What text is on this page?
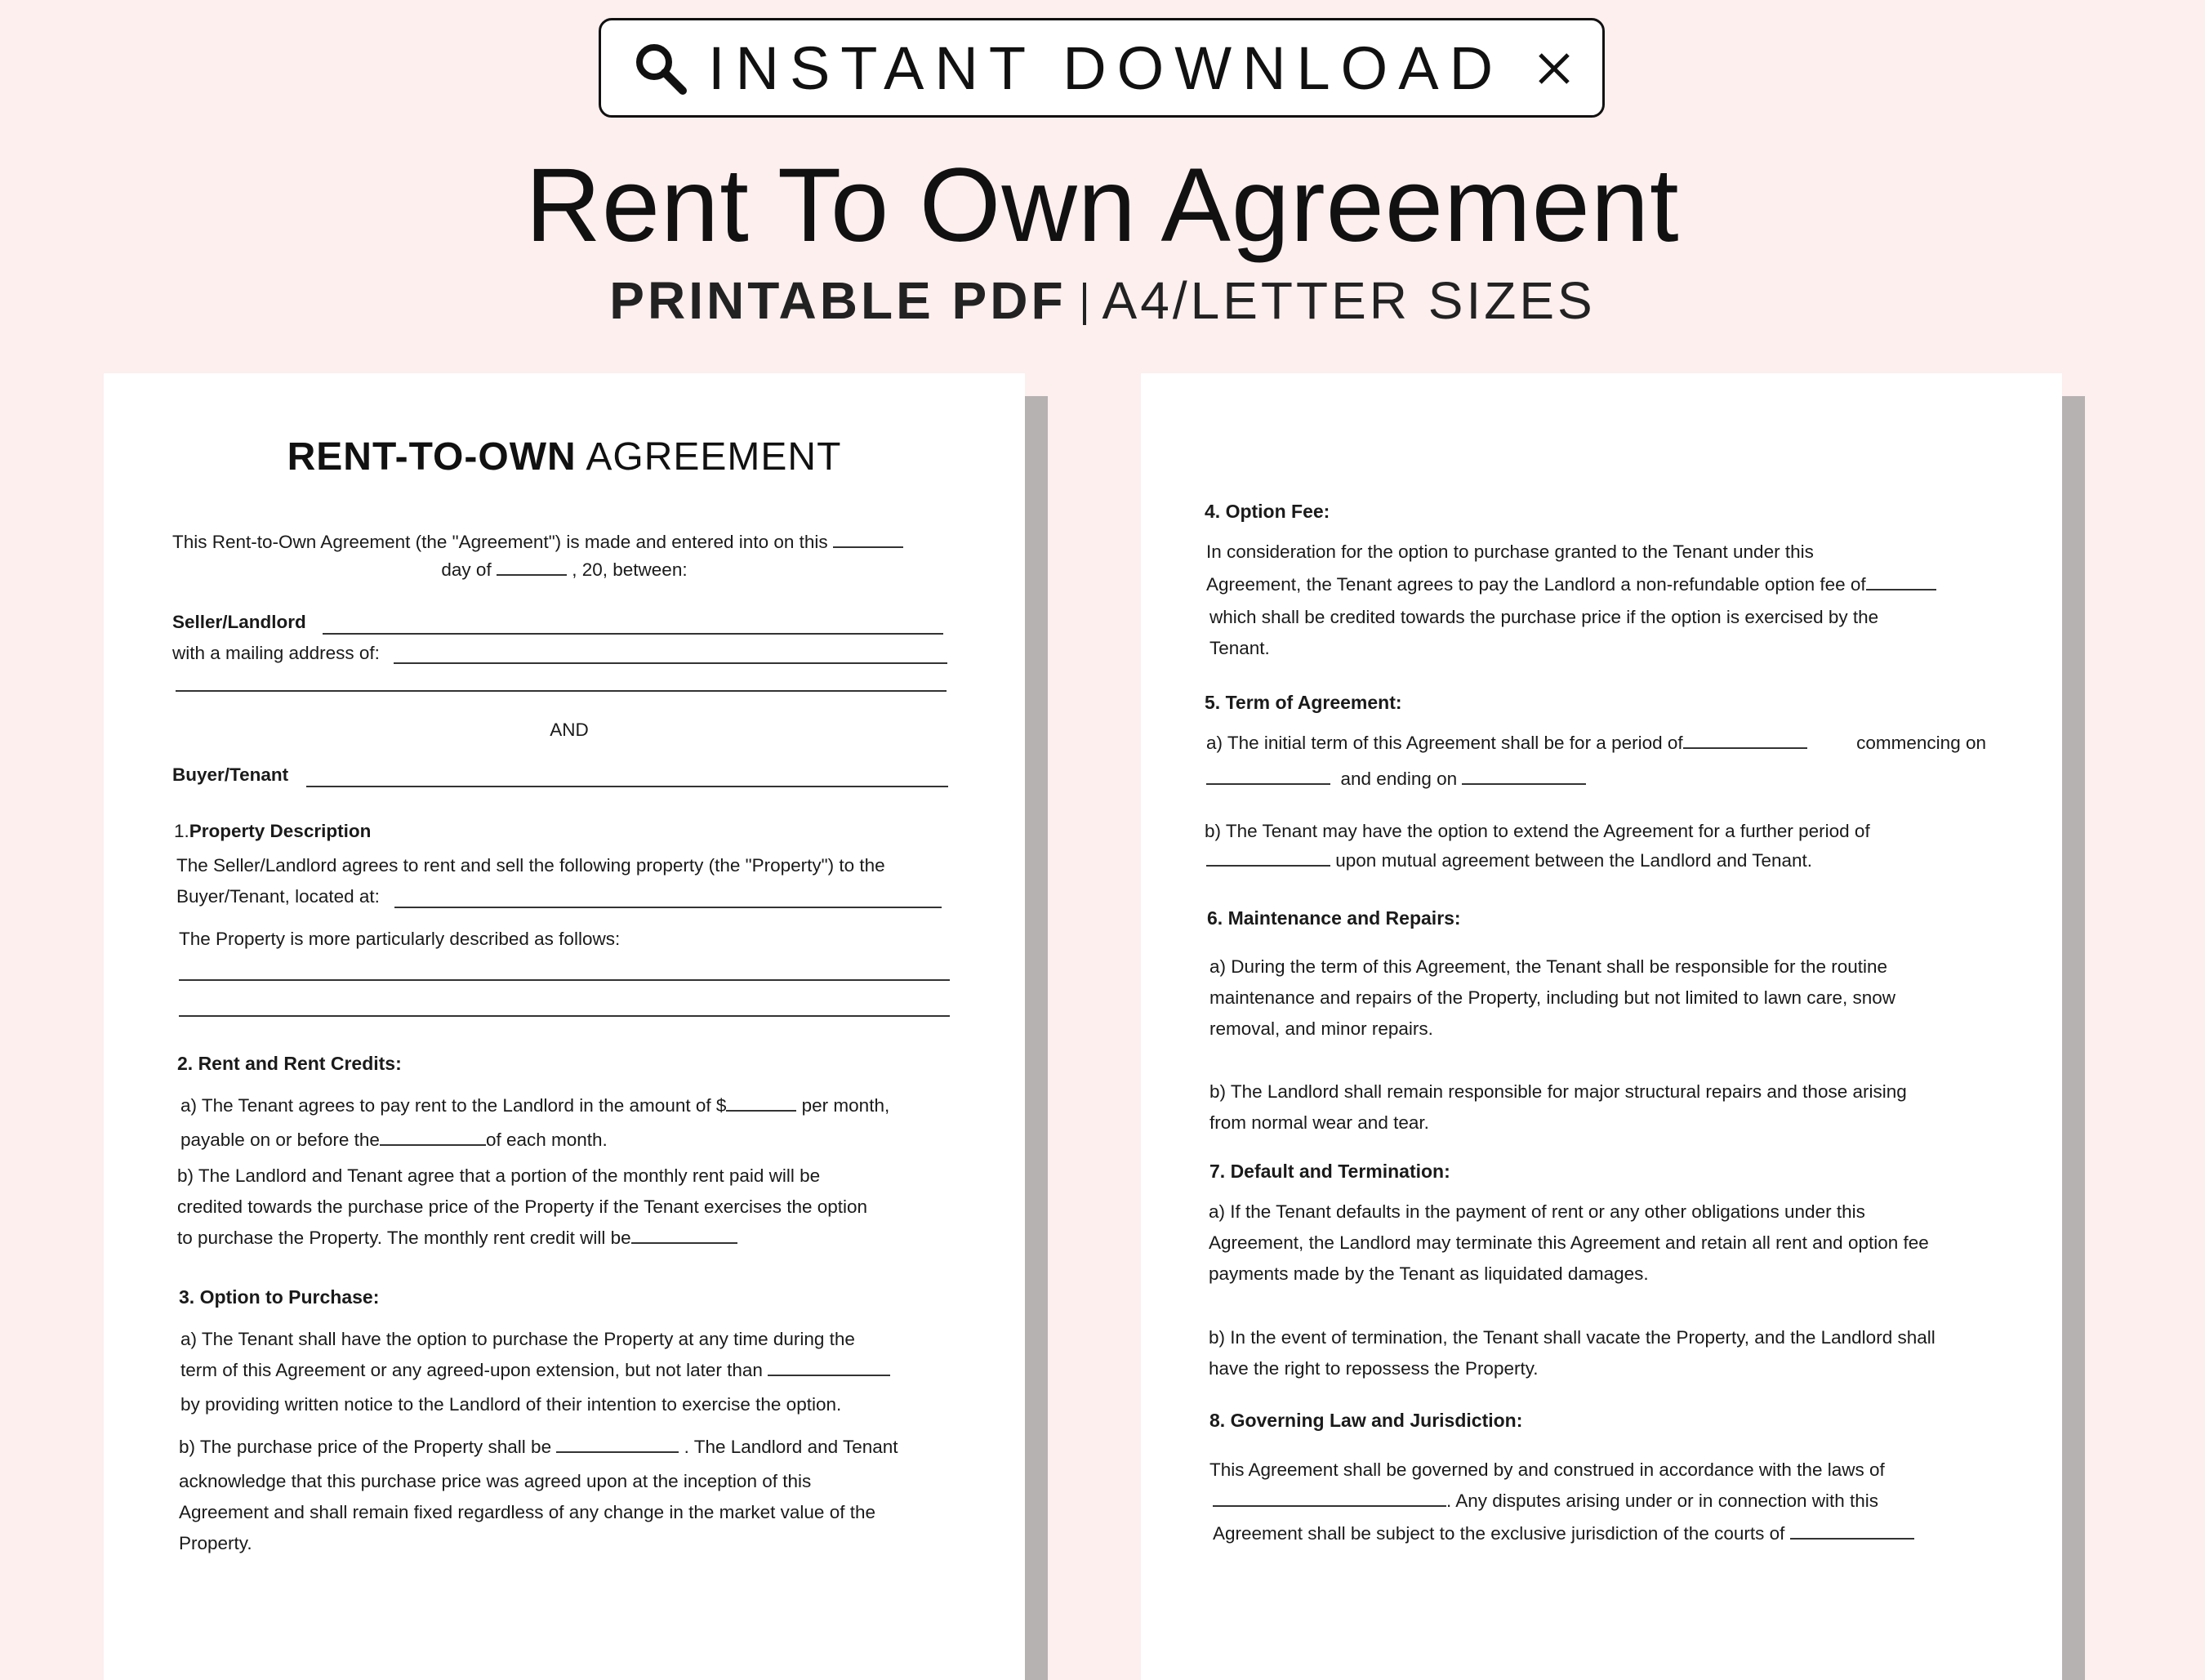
INSTANT DOWNLOAD
Rent To Own Agreement
PRINTABLE PDF A4/LETTER SIZES
RENT-TO-OWN AGREEMENT
This Rent-to-Own Agreement (the "Agreement") is made and entered into on this
day of	, 20, between:
Seller/Landlord
with a mailing address of:
AND
Buyer/Tenant
1.Property Description
The Seller/Landlord agrees to rent and sell the following property (the "Property") to the
Buyer/Tenant, located at:
The Property is more particularly described as follows:
2. Rent and Rent Credits:
a) The Tenant agrees to pay rent to the Landlord in the amount of $	per month,
payable on or before the	of each month.
b) The Landlord and Tenant agree that a portion of the monthly rent paid will be
credited towards the purchase price of the Property if the Tenant exercises the option
to purchase the Property. The monthly rent credit will be
3. Option to Purchase:
a) The Tenant shall have the option to purchase the Property at any time during the
term of this Agreement or any agreed-upon extension, but not later than
by providing written notice to the Landlord of their intention to exercise the option.
b) The purchase price of the Property shall be	. The Landlord and Tenant
acknowledge that this purchase price was agreed upon at the inception of this
Agreement and shall remain fixed regardless of any change in the market value of the
Property.
4. Option Fee:
In consideration for the option to purchase granted to the Tenant under this
Agreement, the Tenant agrees to pay the Landlord a non-refundable option fee of
which shall be credited towards the purchase price if the option is exercised by the
Tenant.
5. Term of Agreement:
a) The initial term of this Agreement shall be for a period of	commencing on
and ending on
b) The Tenant may have the option to extend the Agreement for a further period of
upon mutual agreement between the Landlord and Tenant.
6. Maintenance and Repairs:
a) During the term of this Agreement, the Tenant shall be responsible for the routine
maintenance and repairs of the Property, including but not limited to lawn care, snow
removal, and minor repairs.
b) The Landlord shall remain responsible for major structural repairs and those arising
from normal wear and tear.
7. Default and Termination:
a) If the Tenant defaults in the payment of rent or any other obligations under this
Agreement, the Landlord may terminate this Agreement and retain all rent and option fee
payments made by the Tenant as liquidated damages.
b) In the event of termination, the Tenant shall vacate the Property, and the Landlord shall
have the right to repossess the Property.
8. Governing Law and Jurisdiction:
This Agreement shall be governed by and construed in accordance with the laws of
. Any disputes arising under or in connection with this
Agreement shall be subject to the exclusive jurisdiction of the courts of
